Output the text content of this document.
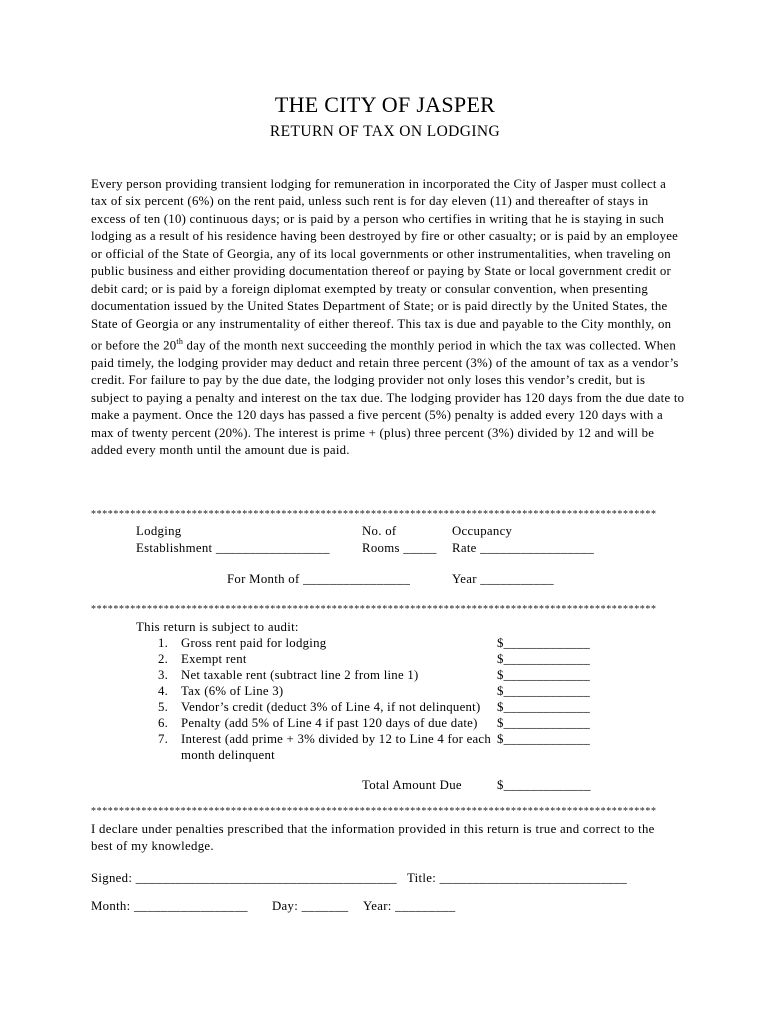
THE CITY OF JASPER
RETURN OF TAX ON LODGING
Every person providing transient lodging for remuneration in incorporated the City of Jasper must collect a tax of six percent (6%) on the rent paid, unless such rent is for day eleven (11) and thereafter of stays in excess of ten (10) continuous days; or is paid by a person who certifies in writing that he is staying in such lodging as a result of his residence having been destroyed by fire or other casualty; or is paid by an employee or official of the State of Georgia, any of its local governments or other instrumentalities, when traveling on public business and either providing documentation thereof or paying by State or local government credit or debit card; or is paid by a foreign diplomat exempted by treaty or consular convention, when presenting documentation issued by the United States Department of State; or is paid directly by the United States, the State of Georgia or any instrumentality of either thereof. This tax is due and payable to the City monthly, on or before the 20th day of the month next succeeding the monthly period in which the tax was collected. When paid timely, the lodging provider may deduct and retain three percent (3%) of the amount of tax as a vendor’s credit. For failure to pay by the due date, the lodging provider not only loses this vendor’s credit, but is subject to paying a penalty and interest on the tax due. The lodging provider has 120 days from the due date to make a payment. Once the 120 days has passed a five percent (5%) penalty is added every 120 days with a max of twenty percent (20%). The interest is prime + (plus) three percent (3%) divided by 12 and will be added every month until the amount due is paid.
*****************************************************************************************************
Lodging
Establishment _________________
No. of
Rooms _____
Occupancy
Rate _________________
For Month of ________________	Year ___________
*****************************************************************************************************
This return is subject to audit:
1. Gross rent paid for lodging	$_____________
2. Exempt rent	$_____________
3. Net taxable rent (subtract line 2 from line 1)	$_____________
4. Tax (6% of Line 3)	$_____________
5. Vendor’s credit (deduct 3% of Line 4, if not delinquent) $_____________
6. Penalty (add 5% of Line 4 if past 120 days of due date) $_____________
7. Interest (add prime + 3% divided by 12 to Line 4 for each $_____________
month delinquent
Total Amount Due	$_____________
*****************************************************************************************************
I declare under penalties prescribed that the information provided in this return is true and correct to the
best of my knowledge.
Signed: _______________________________________ Title: ____________________________
Month: _________________ Day: _______ Year: _________
